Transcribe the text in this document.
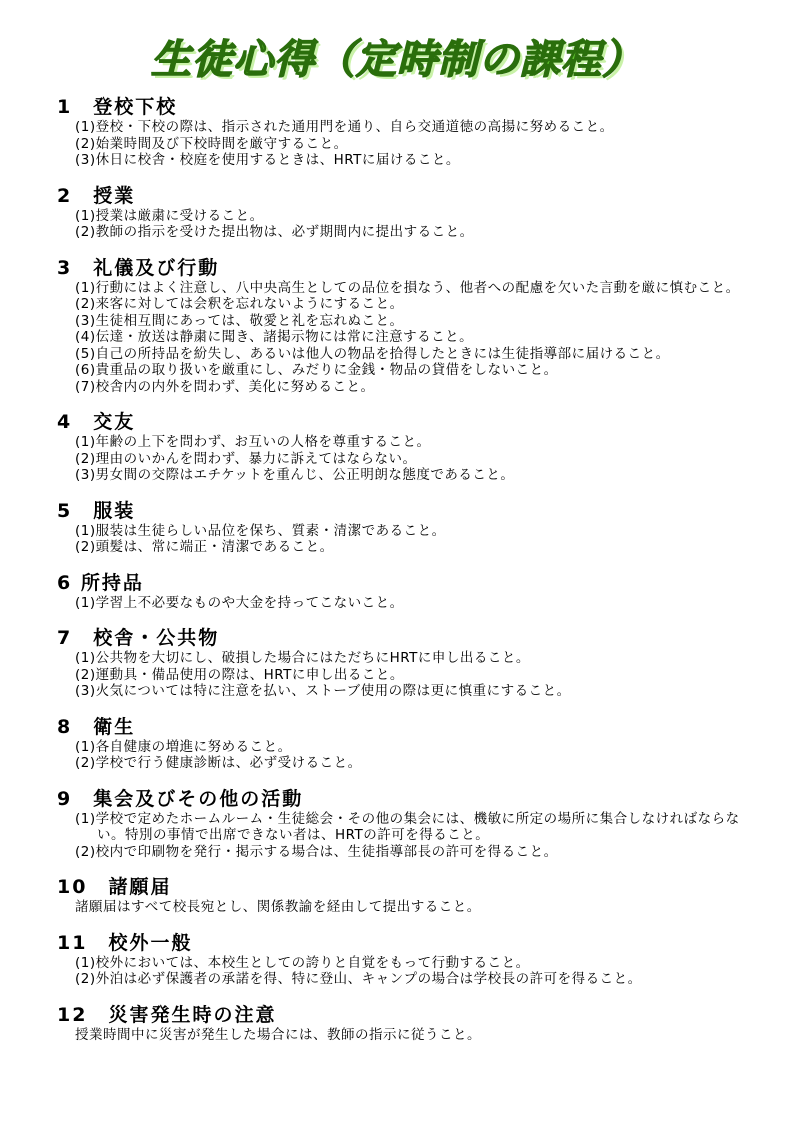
生徒心得（定時制の課程）
1　登校下校
(1)登校・下校の際は、指示された通用門を通り、自ら交通道徳の高揚に努めること。
(2)始業時間及び下校時間を厳守すること。
(3)休日に校舎・校庭を使用するときは、HRTに届けること。
2　授業
(1)授業は厳粛に受けること。
(2)教師の指示を受けた提出物は、必ず期間内に提出すること。
3　礼儀及び行動
(1)行動にはよく注意し、八中央高生としての品位を損なう、他者への配慮を欠いた言動を厳に慎むこと。
(2)来客に対しては会釈を忘れないようにすること。
(3)生徒相互間にあっては、敬愛と礼を忘れぬこと。
(4)伝達・放送は静粛に聞き、諸掲示物には常に注意すること。
(5)自己の所持品を紛失し、あるいは他人の物品を拾得したときには生徒指導部に届けること。
(6)貴重品の取り扱いを厳重にし、みだりに金銭・物品の貸借をしないこと。
(7)校舎内の内外を問わず、美化に努めること。
4　交友
(1)年齢の上下を問わず、お互いの人格を尊重すること。
(2)理由のいかんを問わず、暴力に訴えてはならない。
(3)男女間の交際はエチケットを重んじ、公正明朗な態度であること。
5　服装
(1)服装は生徒らしい品位を保ち、質素・清潔であること。
(2)頭髪は、常に端正・清潔であること。
6 所持品
(1)学習上不必要なものや大金を持ってこないこと。
7　校舎・公共物
(1)公共物を大切にし、破損した場合にはただちにHRTに申し出ること。
(2)運動具・備品使用の際は、HRTに申し出ること。
(3)火気については特に注意を払い、ストーブ使用の際は更に慎重にすること。
8　衛生
(1)各自健康の増進に努めること。
(2)学校で行う健康診断は、必ず受けること。
9　集会及びその他の活動
(1)学校で定めたホームルーム・生徒総会・その他の集会には、機敏に所定の場所に集合しなければならない。特別の事情で出席できない者は、HRTの許可を得ること。
(2)校内で印刷物を発行・掲示する場合は、生徒指導部長の許可を得ること。
10　諸願届
諸願届はすべて校長宛とし、関係教諭を経由して提出すること。
11　校外一般
(1)校外においては、本校生としての誇りと自覚をもって行動すること。
(2)外泊は必ず保護者の承諾を得、特に登山、キャンプの場合は学校長の許可を得ること。
12　災害発生時の注意
授業時間中に災害が発生した場合には、教師の指示に従うこと。
